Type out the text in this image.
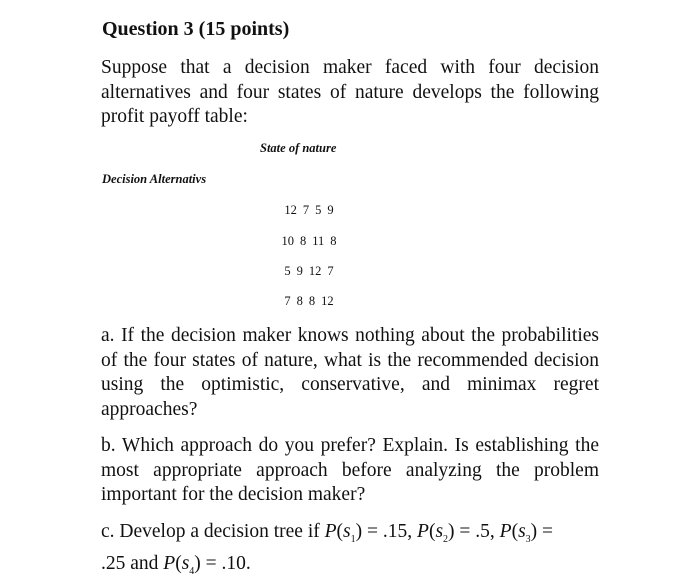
Question 3 (15 points)
Suppose that a decision maker faced with four decision alternatives and four states of nature develops the following profit payoff table:
State of nature
Decision Alternativs
12 7 5 9
10 8 11 8
5 9 12 7
7 8 8 12
a. If the decision maker knows nothing about the probabilities of the four states of nature, what is the recommended decision using the optimistic, conservative, and minimax regret approaches?
b. Which approach do you prefer? Explain. Is establishing the most appropriate approach before analyzing the problem important for the decision maker?
c. Develop a decision tree if $P(s_1) = .15$, $P(s_2) = .5$, $P(s_3)$ =
.25 and $P(s_4) = .10$.
